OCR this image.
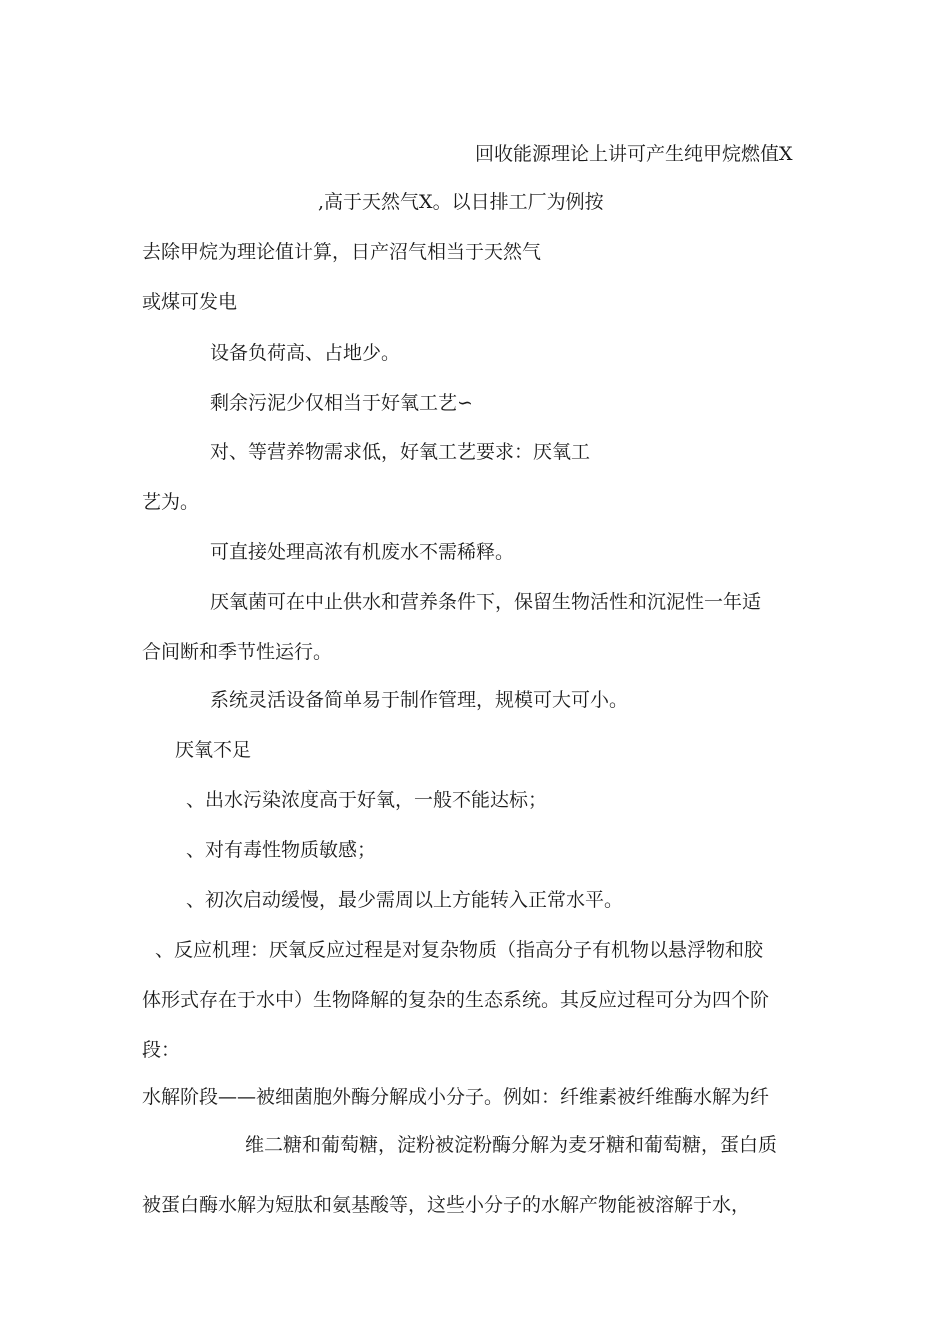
回收能源理论上讲可产生纯甲烷燃值Ⅹ
,高于天然气Ⅹ。以日排工厂为例按
去除甲烷为理论值计算，日产沼气相当于天然气
或煤可发电
设备负荷高、占地少。
剩余污泥少仅相当于好氧工艺∽
对、等营养物需求低，好氧工艺要求：厌氧工
艺为。
可直接处理高浓有机废水不需稀释。
厌氧菌可在中止供水和营养条件下，保留生物活性和沉泥性一年适
合间断和季节性运行。
系统灵活设备简单易于制作管理，规模可大可小。
厌氧不足
、出水污染浓度高于好氧，一般不能达标；
、对有毒性物质敏感；
、初次启动缓慢，最少需周以上方能转入正常水平。
、反应机理：厌氧反应过程是对复杂物质（指高分子有机物以悬浮物和胶
体形式存在于水中）生物降解的复杂的生态系统。其反应过程可分为四个阶
段：
水解阶段——被细菌胞外酶分解成小分子。例如：纤维素被纤维酶水解为纤
维二糖和葡萄糖，淀粉被淀粉酶分解为麦牙糖和葡萄糖，蛋白质
被蛋白酶水解为短肽和氨基酸等，这些小分子的水解产物能被溶解于水，
